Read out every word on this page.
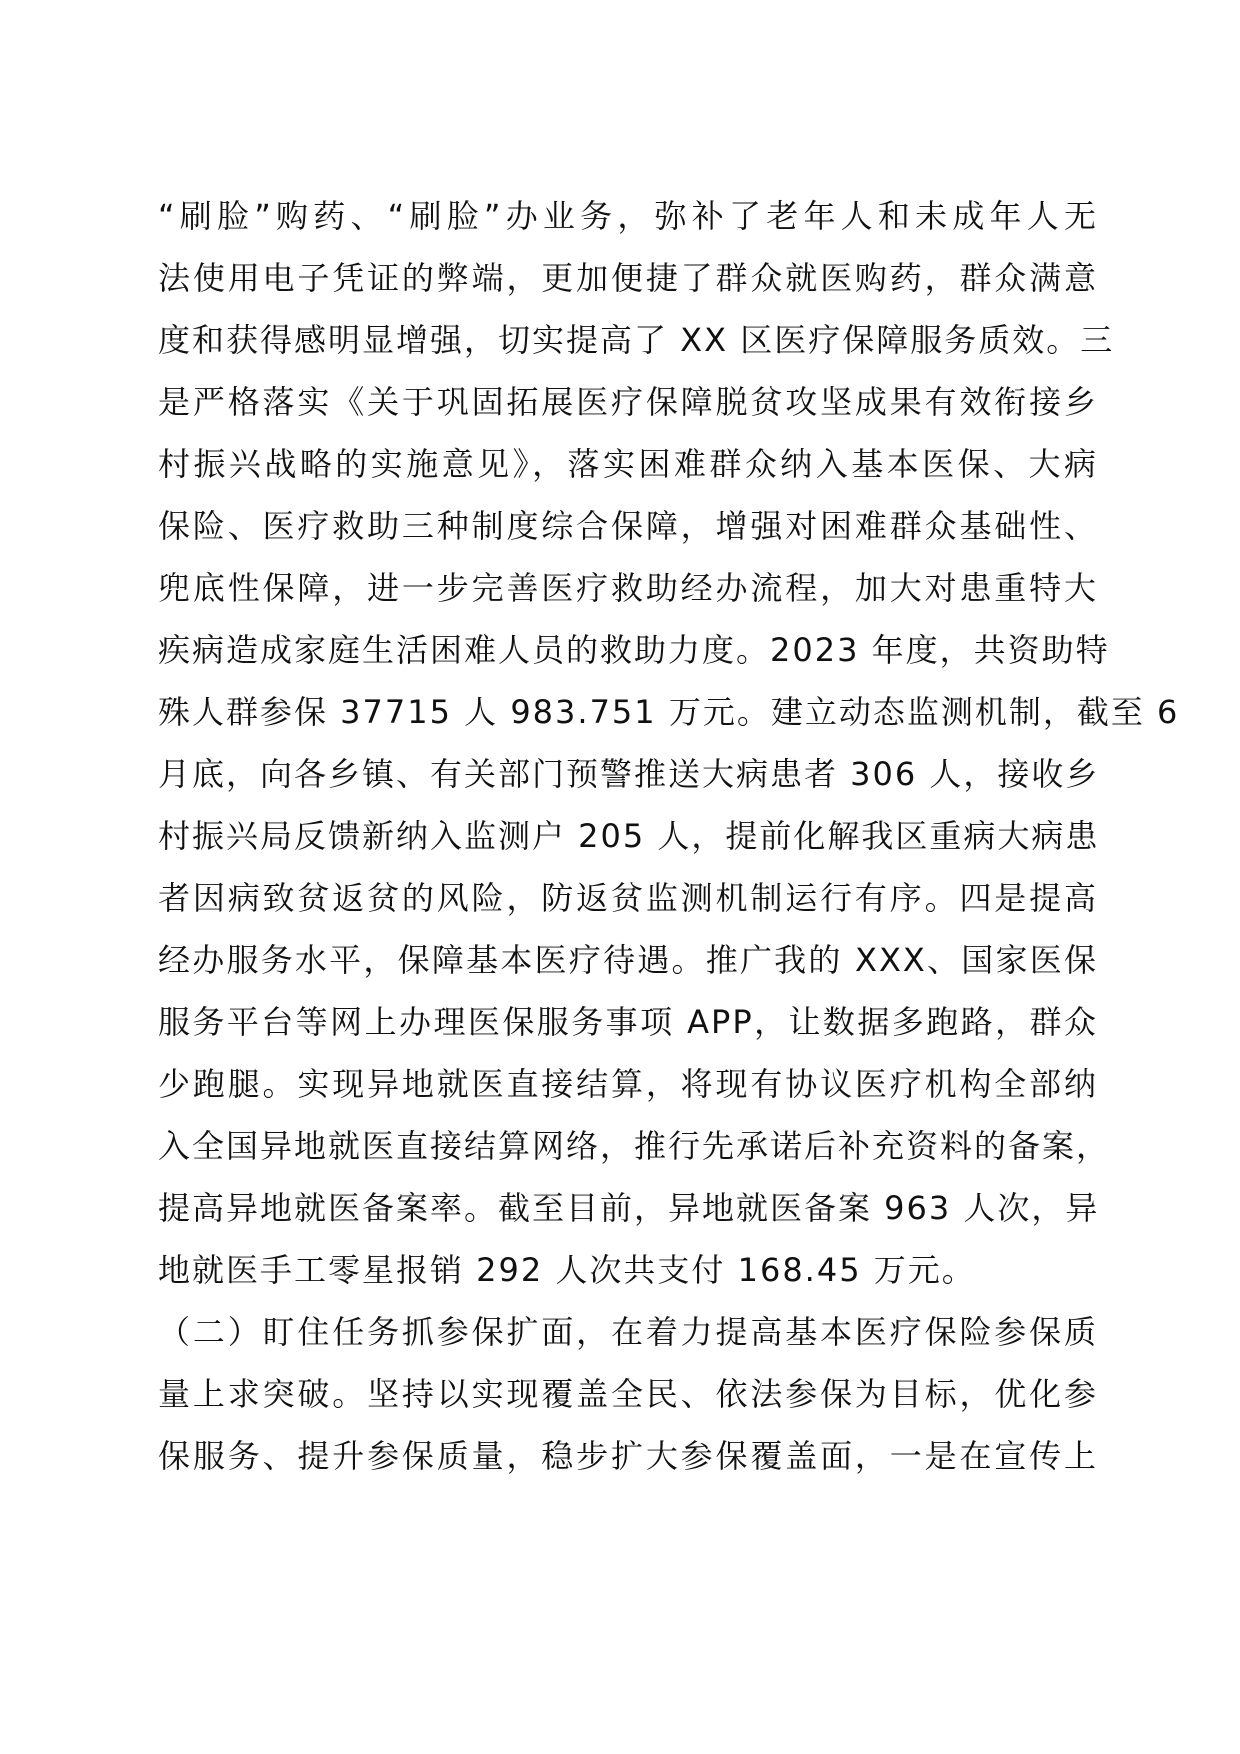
“刷脸”购药、“刷脸”办业务，弥补了老年人和未成年人无
法使用电子凭证的弊端，更加便捷了群众就医购药，群众满意
度和获得感明显增强，切实提高了 XX 区医疗保障服务质效。三
是严格落实《关于巩固拓展医疗保障脱贫攻坚成果有效衔接乡
村振兴战略的实施意见》，落实困难群众纳入基本医保、大病
保险、医疗救助三种制度综合保障，增强对困难群众基础性、
兜底性保障，进一步完善医疗救助经办流程，加大对患重特大
疾病造成家庭生活困难人员的救助力度。2023 年度，共资助特
殊人群参保 37715 人 983.751 万元。建立动态监测机制，截至 6
月底，向各乡镇、有关部门预警推送大病患者 306 人，接收乡
村振兴局反馈新纳入监测户 205 人，提前化解我区重病大病患
者因病致贫返贫的风险，防返贫监测机制运行有序。四是提高
经办服务水平，保障基本医疗待遇。推广我的 XXX、国家医保
服务平台等网上办理医保服务事项 APP，让数据多跑路，群众
少跑腿。实现异地就医直接结算，将现有协议医疗机构全部纳
入全国异地就医直接结算网络，推行先承诺后补充资料的备案，
提高异地就医备案率。截至目前，异地就医备案 963 人次，异
地就医手工零星报销 292 人次共支付 168.45 万元。
（二）盯住任务抓参保扩面，在着力提高基本医疗保险参保质
量上求突破。坚持以实现覆盖全民、依法参保为目标，优化参
保服务、提升参保质量，稳步扩大参保覆盖面，一是在宣传上
